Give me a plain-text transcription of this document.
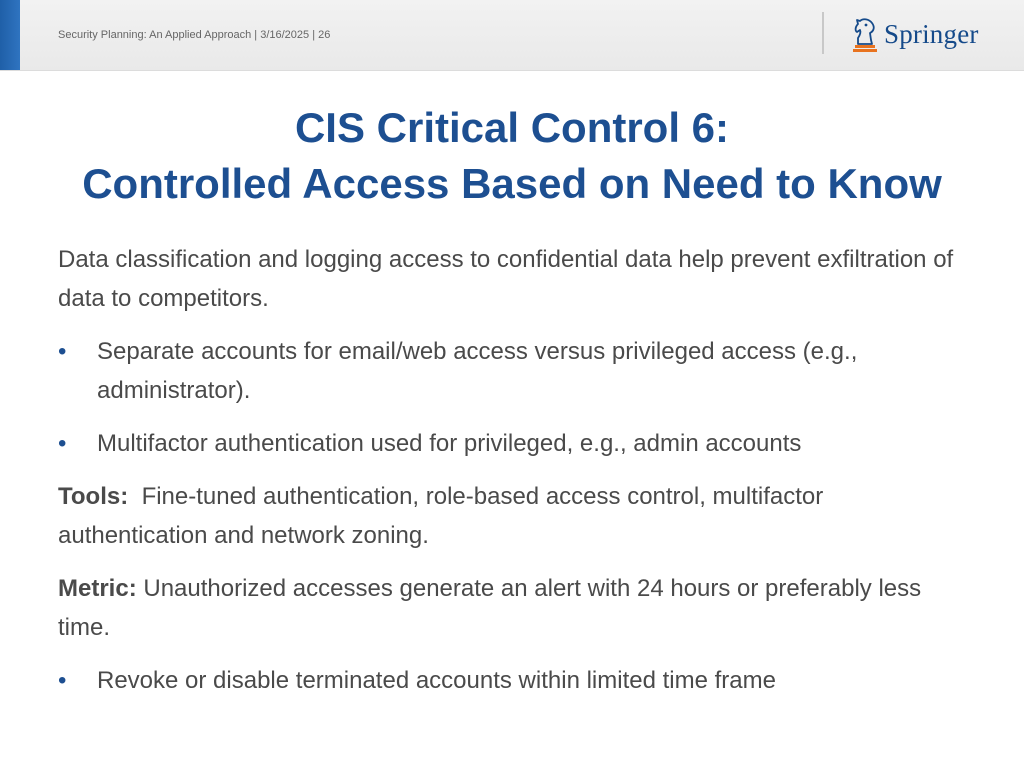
Security Planning: An Applied Approach | 3/16/2025 | 26	Springer
CIS Critical Control 6:
Controlled Access Based on Need to Know

Data classification and logging access to confidential data help prevent exfiltration of data to competitors.

• Separate accounts for email/web access versus privileged access (e.g., administrator).
• Multifactor authentication used for privileged, e.g., admin accounts

Tools: Fine-tuned authentication, role-based access control, multifactor authentication and network zoning.

Metric: Unauthorized accesses generate an alert with 24 hours or preferably less time.

• Revoke or disable terminated accounts within limited time frame
